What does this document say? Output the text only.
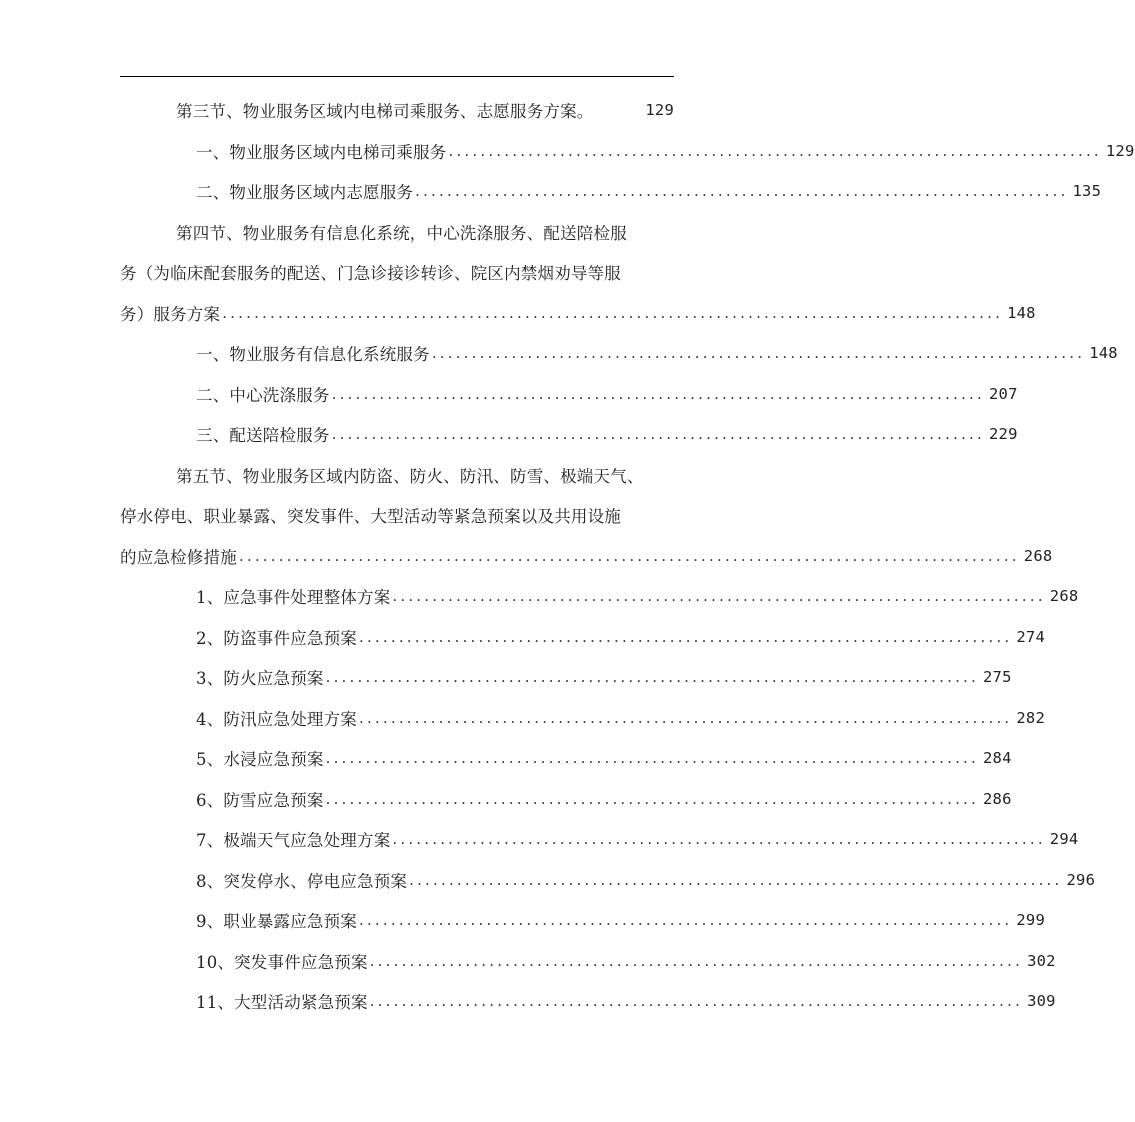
第三节、物业服务区域内电梯司乘服务、志愿服务方案。	129
一、物业服务区域内电梯司乘服务 .................................................................................. 129
二、物业服务区域内志愿服务 .................................................................................. 135
第四节、物业服务有信息化系统，中心洗涤服务、配送陪检服
务（为临床配套服务的配送、门急诊接诊转诊、院区内禁烟劝导等服
务）服务方案 .................................................................................................. 148
一、物业服务有信息化系统服务 .................................................................................. 148
二、中心洗涤服务 .................................................................................. 207
三、配送陪检服务 .................................................................................. 229
第五节、物业服务区域内防盗、防火、防汛、防雪、极端天气、
停水停电、职业暴露、突发事件、大型活动等紧急预案以及共用设施
的应急检修措施 .................................................................................................. 268
1、应急事件处理整体方案 .................................................................................. 268
2、防盗事件应急预案 .................................................................................. 274
3、防火应急预案 .................................................................................. 275
4、防汛应急处理方案 .................................................................................. 282
5、水浸应急预案 .................................................................................. 284
6、防雪应急预案 .................................................................................. 286
7、极端天气应急处理方案 .................................................................................. 294
8、突发停水、停电应急预案 .................................................................................. 296
9、职业暴露应急预案 .................................................................................. 299
10、突发事件应急预案 .................................................................................. 302
11、大型活动紧急预案 .................................................................................. 309
